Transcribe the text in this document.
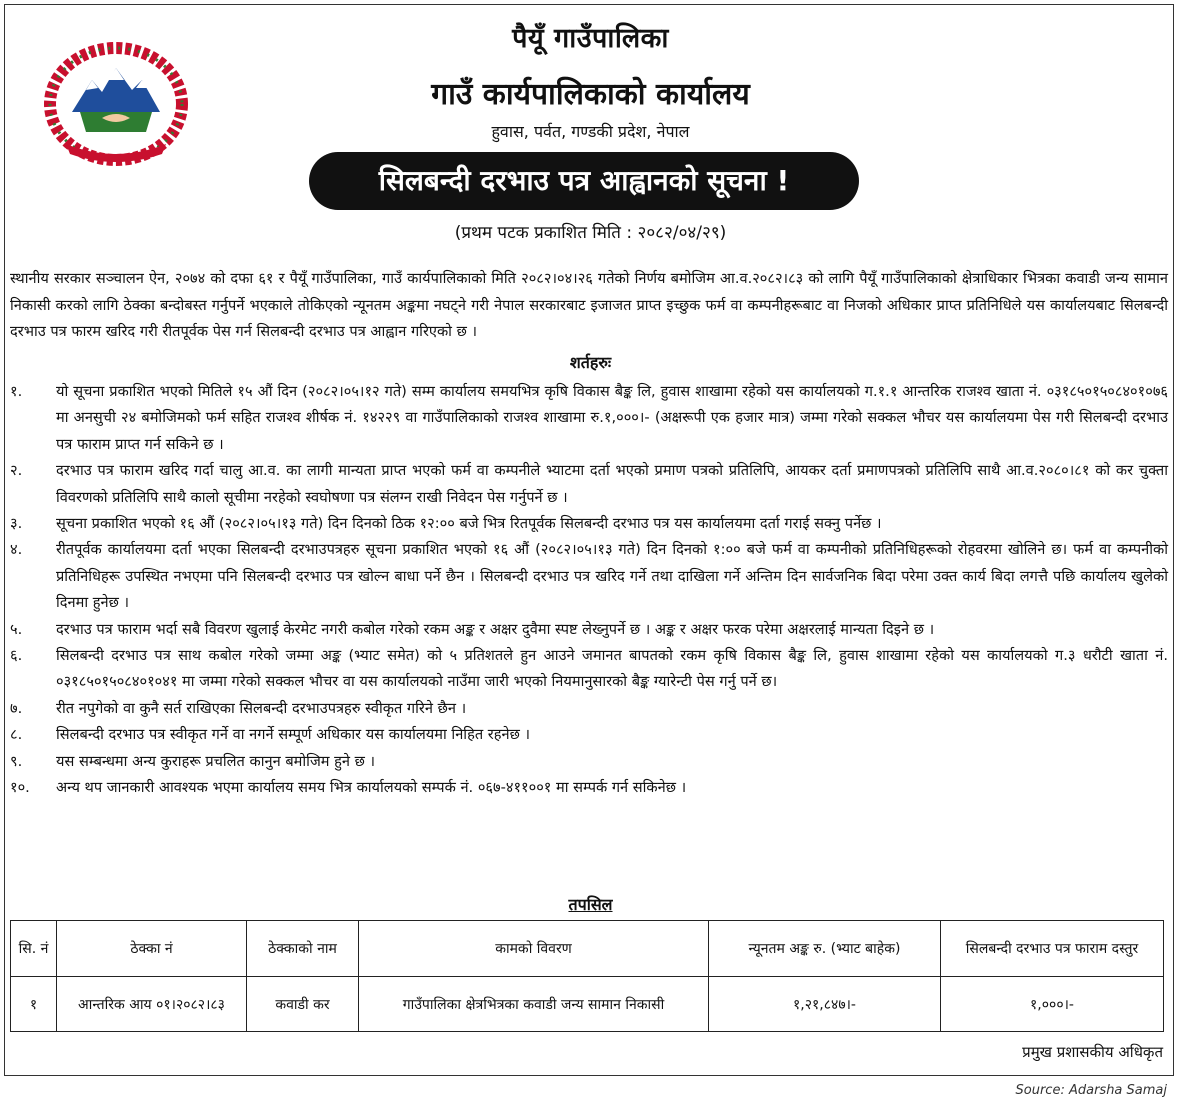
पैयूँ गाउँपालिका
गाउँ कार्यपालिकाको कार्यालय
हुवास, पर्वत, गण्डकी प्रदेश, नेपाल
सिलबन्दी दरभाउ पत्र आह्वानको सूचना !
(प्रथम पटक प्रकाशित मिति : २०८२/०४/२९)
स्थानीय सरकार सञ्चालन ऐन, २०७४ को दफा ६१ र पैयूँ गाउँपालिका, गाउँ कार्यपालिकाको मिति २०८२।०४।२६ गतेको निर्णय बमोजिम आ.व.२०८२।८३ को लागि पैयूँ गाउँपालिकाको क्षेत्राधिकार भित्रका कवाडी जन्य सामान निकासी करको लागि ठेक्का बन्दोबस्त गर्नुपर्ने भएकाले तोकिएको न्यूनतम अङ्कमा नघट्ने गरी नेपाल सरकारबाट इजाजत प्राप्त इच्छुक फर्म वा कम्पनीहरूबाट वा निजको अधिकार प्राप्त प्रतिनिधिले यस कार्यालयबाट सिलबन्दी दरभाउ पत्र फारम खरिद गरी रीतपूर्वक पेस गर्न सिलबन्दी दरभाउ पत्र आह्वान गरिएको छ ।
शर्तहरुः
१.	यो सूचना प्रकाशित भएको मितिले १५ औं दिन (२०८२।०५।१२ गते) सम्म कार्यालय समयभित्र कृषि विकास बैङ्क लि, हुवास शाखामा रहेको यस कार्यालयको ग.१.१ आन्तरिक राजश्व खाता नं. ०३१८५०१५०८४०१०७६ मा अनसुची २४ बमोजिमको फर्म सहित राजश्व शीर्षक नं. १४२२९ वा गाउँपालिकाको राजश्व शाखामा रु.१,०००।- (अक्षरूपी एक हजार मात्र) जम्मा गरेको सक्कल भौचर यस कार्यालयमा पेस गरी सिलबन्दी दरभाउ पत्र फाराम प्राप्त गर्न सकिने छ ।
२.	दरभाउ पत्र फाराम खरिद गर्दा चालु आ.व. का लागी मान्यता प्राप्त भएको फर्म वा कम्पनीले भ्याटमा दर्ता भएको प्रमाण पत्रको प्रतिलिपि, आयकर दर्ता प्रमाणपत्रको प्रतिलिपि साथै आ.व.२०८०।८१ को कर चुक्ता विवरणको प्रतिलिपि साथै कालो सूचीमा नरहेको स्वघोषणा पत्र संलग्न राखी निवेदन पेस गर्नुपर्ने छ ।
३.	सूचना प्रकाशित भएको १६ औं (२०८२।०५।१३ गते) दिन दिनको ठिक १२:०० बजे भित्र रितपूर्वक सिलबन्दी दरभाउ पत्र यस कार्यालयमा दर्ता गराई सक्नु पर्नेछ ।
४.	रीतपूर्वक कार्यालयमा दर्ता भएका सिलबन्दी दरभाउपत्रहरु सूचना प्रकाशित भएको १६ औं (२०८२।०५।१३ गते) दिन दिनको १:०० बजे फर्म वा कम्पनीको प्रतिनिधिहरूको रोहवरमा खोलिने छ। फर्म वा कम्पनीको प्रतिनिधिहरू उपस्थित नभएमा पनि सिलबन्दी दरभाउ पत्र खोल्न बाधा पर्ने छैन । सिलबन्दी दरभाउ पत्र खरिद गर्ने तथा दाखिला गर्ने अन्तिम दिन सार्वजनिक बिदा परेमा उक्त कार्य बिदा लगत्तै पछि कार्यालय खुलेको दिनमा हुनेछ ।
५.	दरभाउ पत्र फाराम भर्दा सबै विवरण खुलाई केरमेट नगरी कबोल गरेको रकम अङ्क र अक्षर दुवैमा स्पष्ट लेख्नुपर्ने छ । अङ्क र अक्षर फरक परेमा अक्षरलाई मान्यता दिइने छ ।
६.	सिलबन्दी दरभाउ पत्र साथ कबोल गरेको जम्मा अङ्क (भ्याट समेत) को ५ प्रतिशतले हुन आउने जमानत बापतको रकम कृषि विकास बैङ्क लि, हुवास शाखामा रहेको यस कार्यालयको ग.३ धरौटी खाता नं. ०३१८५०१५०८४०१०४१ मा जम्मा गरेको सक्कल भौचर वा यस कार्यालयको नाउँमा जारी भएको नियमानुसारको बैङ्क ग्यारेन्टी पेस गर्नु पर्ने छ।
७.	रीत नपुगेको वा कुनै सर्त राखिएका सिलबन्दी दरभाउपत्रहरु स्वीकृत गरिने छैन ।
८.	सिलबन्दी दरभाउ पत्र स्वीकृत गर्ने वा नगर्ने सम्पूर्ण अधिकार यस कार्यालयमा निहित रहनेछ ।
९.	यस सम्बन्धमा अन्य कुराहरू प्रचलित कानुन बमोजिम हुने छ ।
१०.	अन्य थप जानकारी आवश्यक भएमा कार्यालय समय भित्र कार्यालयको सम्पर्क नं. ०६७-४११००१ मा सम्पर्क गर्न सकिनेछ ।
तपसिल
सि. नं	ठेक्का नं	ठेक्काको नाम	कामको विवरण	न्यूनतम अङ्क रु. (भ्याट बाहेक)	सिलबन्दी दरभाउ पत्र फाराम दस्तुर
१	आन्तरिक आय ०१।२०८२।८३	कवाडी कर	गाउँपालिका क्षेत्रभित्रका कवाडी जन्य सामान निकासी	१,२१,८४७।-	१,०००।-
प्रमुख प्रशासकीय अधिकृत
Source: Adarsha Samaj
